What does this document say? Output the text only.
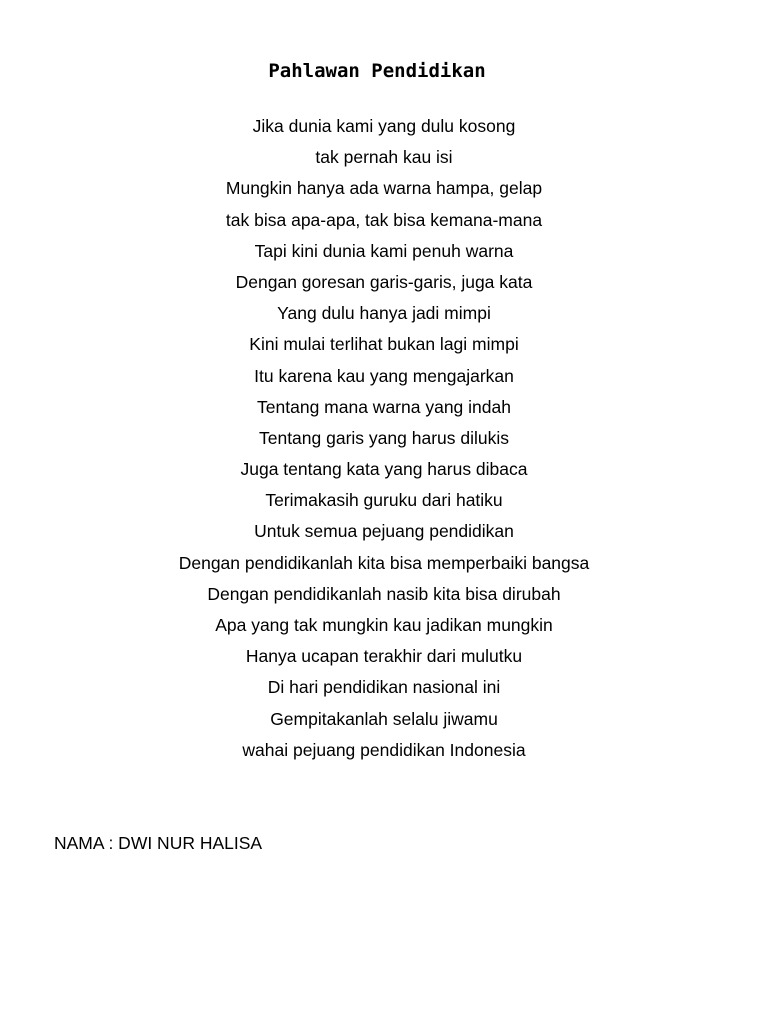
Pahlawan Pendidikan
Jika dunia kami yang dulu kosong
tak pernah kau isi
Mungkin hanya ada warna hampa, gelap
tak bisa apa-apa, tak bisa kemana-mana
Tapi kini dunia kami penuh warna
Dengan goresan garis-garis, juga kata
Yang dulu hanya jadi mimpi
Kini mulai terlihat bukan lagi mimpi
Itu karena kau yang mengajarkan
Tentang mana warna yang indah
Tentang garis yang harus dilukis
Juga tentang kata yang harus dibaca
Terimakasih guruku dari hatiku
Untuk semua pejuang pendidikan
Dengan pendidikanlah kita bisa memperbaiki bangsa
Dengan pendidikanlah nasib kita bisa dirubah
Apa yang tak mungkin kau jadikan mungkin
Hanya ucapan terakhir dari mulutku
Di hari pendidikan nasional ini
Gempitakanlah selalu jiwamu
wahai pejuang pendidikan Indonesia
NAMA : DWI NUR HALISA
